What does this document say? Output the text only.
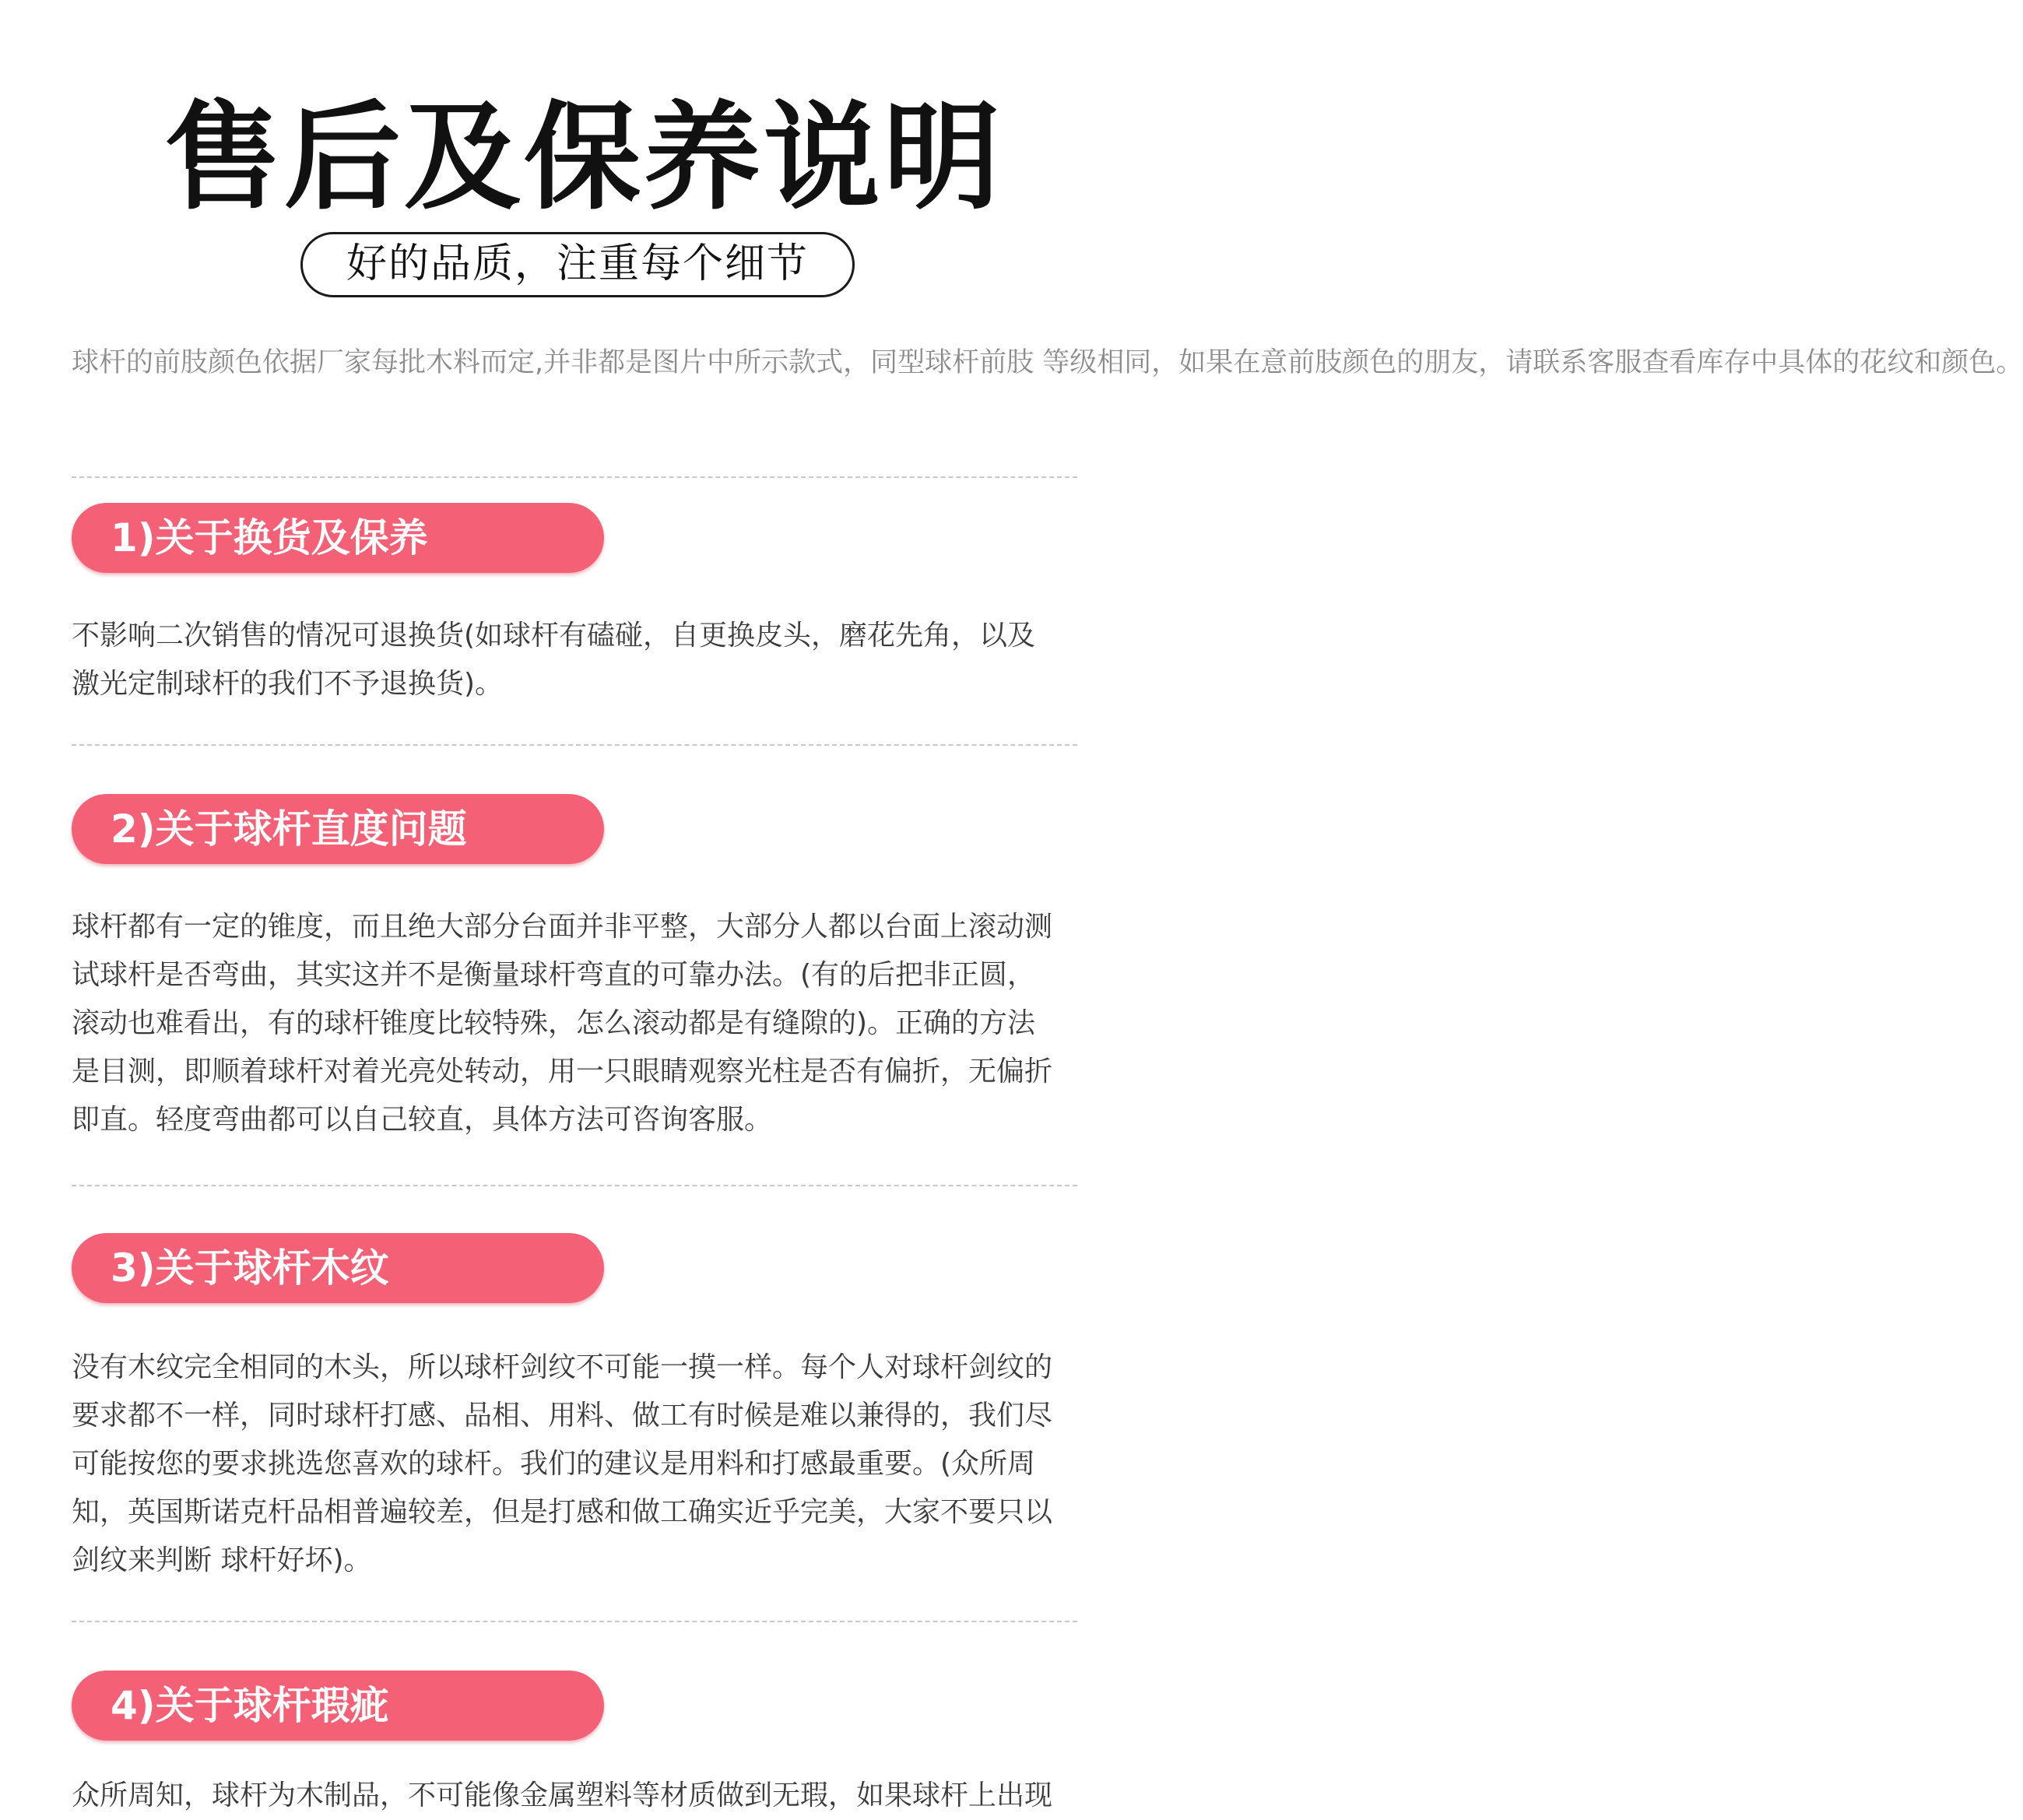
售后及保养说明
好的品质，注重每个细节
球杆的前肢颜色依据厂家每批木料而定,并非都是图片中所示款式，同型球杆前肢 等级相同，如果在意前肢颜色的朋友，请联系客服查看库存中具体的花纹和颜色。
1)关于换货及保养
不影响二次销售的情况可退换货(如球杆有磕碰，自更换皮头，磨花先角，以及
激光定制球杆的我们不予退换货)。
2)关于球杆直度问题
球杆都有一定的锥度，而且绝大部分台面并非平整，大部分人都以台面上滚动测
试球杆是否弯曲，其实这并不是衡量球杆弯直的可靠办法。(有的后把非正圆，
滚动也难看出，有的球杆锥度比较特殊，怎么滚动都是有缝隙的)。正确的方法
是目测，即顺着球杆对着光亮处转动，用一只眼睛观察光柱是否有偏折，无偏折
即直。轻度弯曲都可以自己较直，具体方法可咨询客服。
3)关于球杆木纹
没有木纹完全相同的木头，所以球杆剑纹不可能一摸一样。每个人对球杆剑纹的
要求都不一样，同时球杆打感、品相、用料、做工有时候是难以兼得的，我们尽
可能按您的要求挑选您喜欢的球杆。我们的建议是用料和打感最重要。(众所周
知，英国斯诺克杆品相普遍较差，但是打感和做工确实近乎完美，大家不要只以
剑纹来判断 球杆好坏)。
4)关于球杆瑕疵
众所周知，球杆为木制品，不可能像金属塑料等材质做到无瑕，如果球杆上出现
